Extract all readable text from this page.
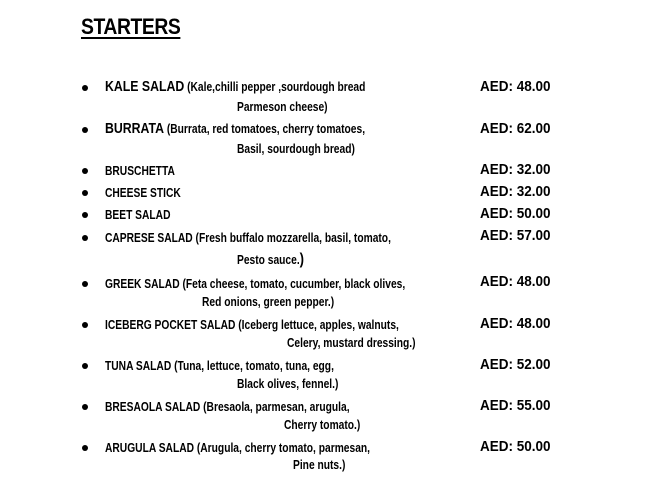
STARTERS
KALE SALAD (Kale,chilli pepper ,sourdough bread
Parmeson cheese)
AED: 48.00
BURRATA (Burrata, red tomatoes, cherry tomatoes,
Basil, sourdough bread)
AED: 62.00
BRUSCHETTA	AED: 32.00
CHEESE STICK	AED: 32.00
BEET SALAD	AED: 50.00
CAPRESE SALAD (Fresh buffalo mozzarella, basil, tomato,
Pesto sauce.)
AED: 57.00
GREEK SALAD (Feta cheese, tomato, cucumber, black olives,
Red onions, green pepper.)
AED: 48.00
ICEBERG POCKET SALAD (Iceberg lettuce, apples, walnuts,
Celery, mustard dressing.)
AED: 48.00
TUNA SALAD (Tuna, lettuce, tomato, tuna, egg,
Black olives, fennel.)
AED: 52.00
BRESAOLA SALAD (Bresaola, parmesan, arugula,
Cherry tomato.)
AED: 55.00
ARUGULA SALAD (Arugula, cherry tomato, parmesan,
Pine nuts.)
AED: 50.00
